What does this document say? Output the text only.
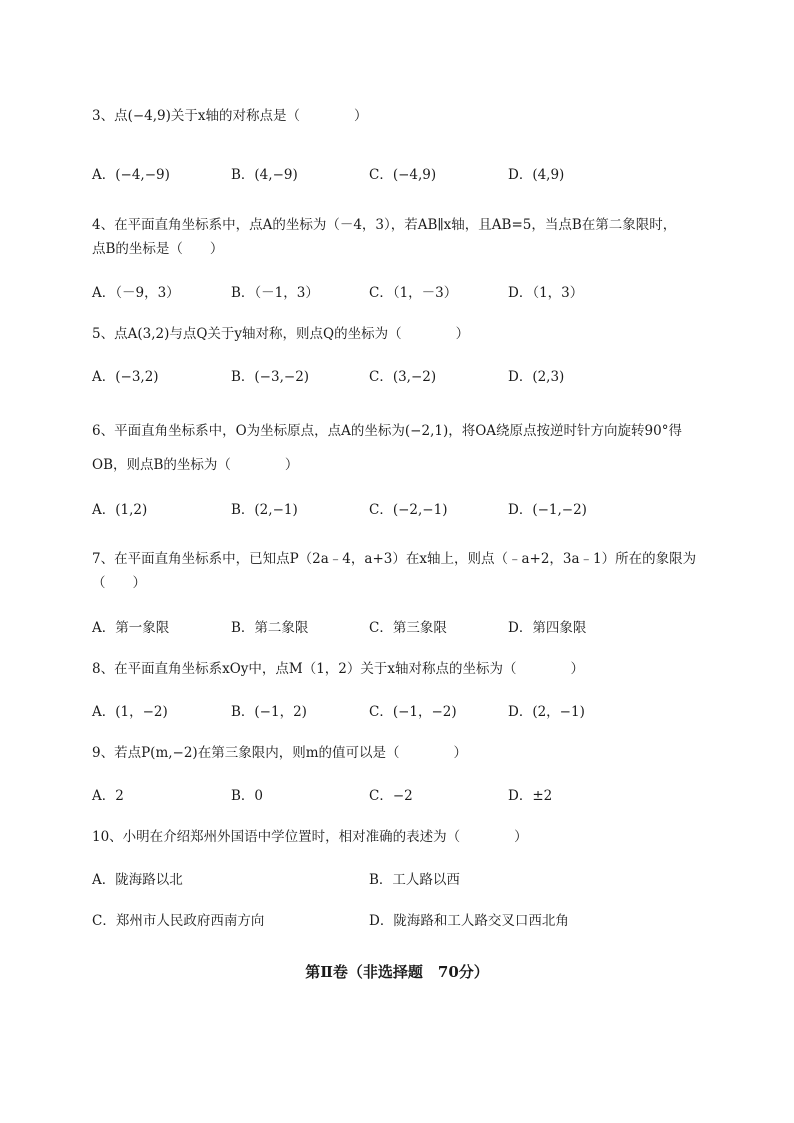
3、点(−4,9)关于x轴的对称点是（　　　　）
A．(−4,−9)	B．(4,−9)	C．(−4,9)	D．(4,9)
4、在平面直角坐标系中，点A的坐标为（－4，3），若AB∥x轴，且AB=5，当点B在第二象限时，
点B的坐标是（　　）
A．（－9，3）	B．（－1，3）	C．（1，－3）	D．（1，3）
5、点A(3,2)与点Q关于y轴对称，则点Q的坐标为（　　　　）
A．(−3,2)	B．(−3,−2)	C．(3,−2)	D．(2,3)
6、平面直角坐标系中，O为坐标原点，点A的坐标为(−2,1)，将OA绕原点按逆时针方向旋转90°得
OB，则点B的坐标为（　　　　）
A．(1,2)	B．(2,−1)	C．(−2,−1)	D．(−1,−2)
7、在平面直角坐标系中，已知点P（2a﹣4，a+3）在x轴上，则点（﹣a+2，3a﹣1）所在的象限为
（　　）
A．第一象限	B．第二象限	C．第三象限	D．第四象限
8、在平面直角坐标系xOy中，点M（1，2）关于x轴对称点的坐标为（　　　　）
A．(1，−2)	B．(−1，2)	C．(−1，−2)	D．(2，−1)
9、若点P(m,−2)在第三象限内，则m的值可以是（　　　　）
A．2	B．0	C．−2	D．±2
10、小明在介绍郑州外国语中学位置时，相对准确的表述为（　　　　）
A．陇海路以北	B．工人路以西
C．郑州市人民政府西南方向	D．陇海路和工人路交叉口西北角
第Ⅱ卷（非选择题　70分）
